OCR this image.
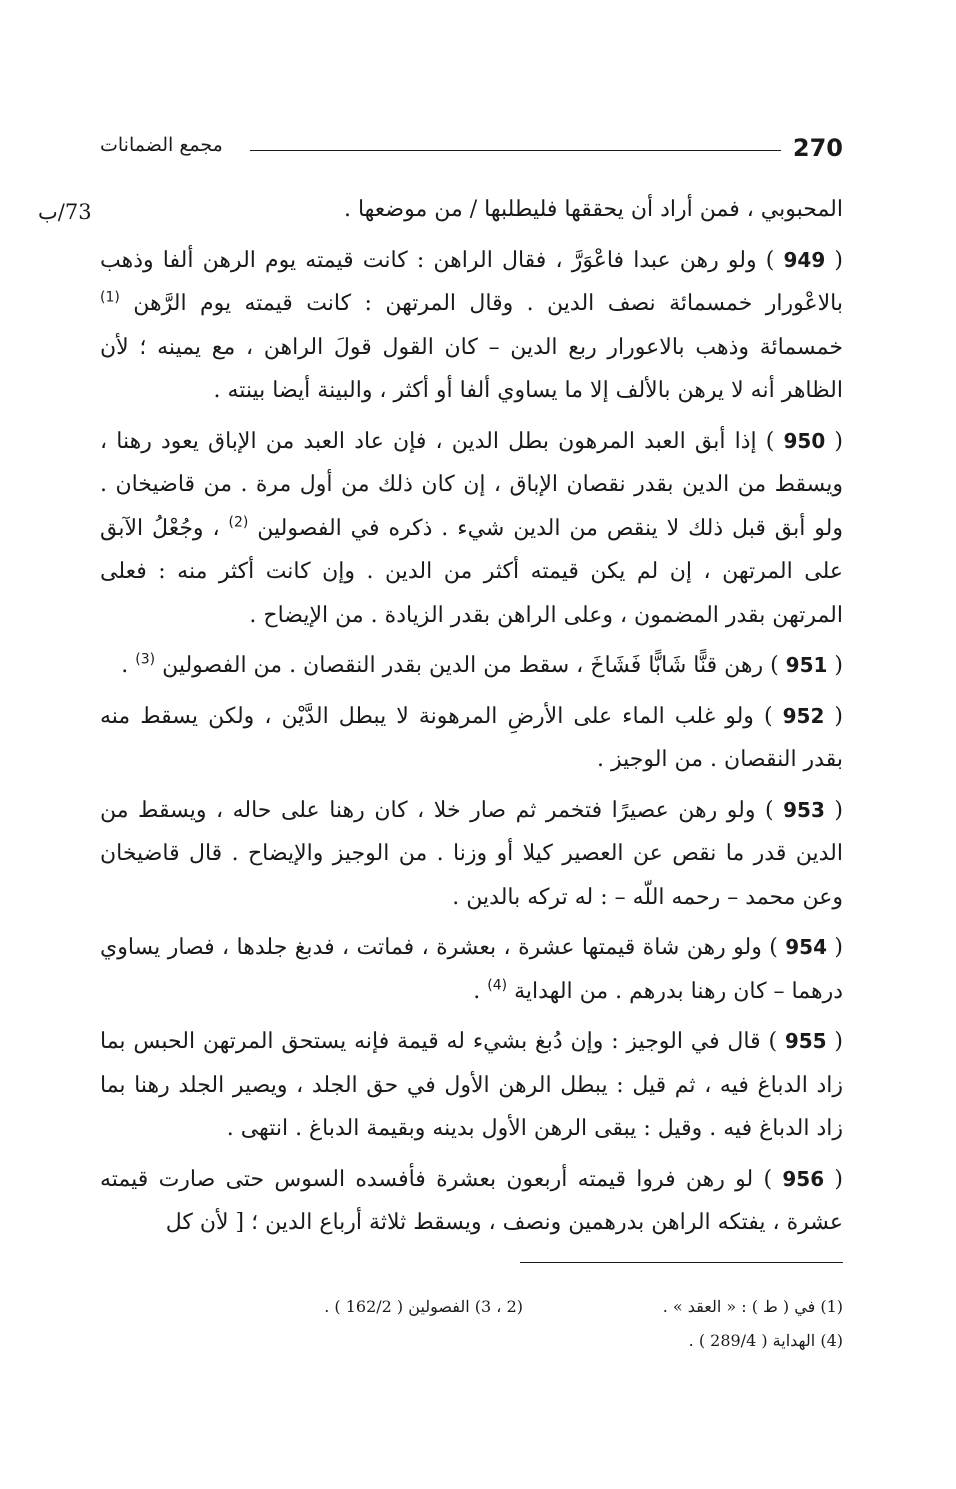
270
مجمع الضمانات
73/ب	المحبوبي ، فمن أراد أن يحققها فليطلبها / من موضعها .

( 949 ) ولو رهن عبدا فاعْوَرَّ ، فقال الراهن : كانت قيمته يوم الرهن ألفا وذهب بالاعْورار خمسمائة نصف الدين . وقال المرتهن : كانت قيمته يوم الرَّهن $^{(1)}$ خمسمائة وذهب بالاعورار ربع الدين – كان القول قولَ الراهن ، مع يمينه ؛ لأن الظاهر أنه لا يرهن بالألف إلا ما يساوي ألفا أو أكثر ، والبينة أيضا بينته .

( 950 ) إذا أبق العبد المرهون بطل الدين ، فإن عاد العبد من الإباق يعود رهنا ، ويسقط من الدين بقدر نقصان الإباق ، إن كان ذلك من أول مرة . من قاضيخان . ولو أبق قبل ذلك لا ينقص من الدين شيء . ذكره في الفصولين $^{(2)}$ ، وجُعْلُ الآبق على المرتهن ، إن لم يكن قيمته أكثر من الدين . وإن كانت أكثر منه : فعلى المرتهن بقدر المضمون ، وعلى الراهن بقدر الزيادة . من الإيضاح .

( 951 ) رهن قنًّا شَابًّا فَشَاخَ ، سقط من الدين بقدر النقصان . من الفصولين $^{(3)}$ .

( 952 ) ولو غلب الماء على الأرضِ المرهونة لا يبطل الدَّيْن ، ولكن يسقط منه بقدر النقصان . من الوجيز .

( 953 ) ولو رهن عصيرًا فتخمر ثم صار خلا ، كان رهنا على حاله ، ويسقط من الدين قدر ما نقص عن العصير كيلا أو وزنا . من الوجيز والإيضاح . قال قاضيخان وعن محمد – رحمه اللّه – : له تركه بالدين .

( 954 ) ولو رهن شاة قيمتها عشرة ، بعشرة ، فماتت ، فدبغ جلدها ، فصار يساوي درهما – كان رهنا بدرهم . من الهداية $^{(4)}$ .

( 955 ) قال في الوجيز : وإن دُبغ بشيء له قيمة فإنه يستحق المرتهن الحبس بما زاد الدباغ فيه ، ثم قيل : يبطل الرهن الأول في حق الجلد ، ويصير الجلد رهنا بما زاد الدباغ فيه . وقيل : يبقى الرهن الأول بدينه وبقيمة الدباغ . انتهى .

( 956 ) لو رهن فروا قيمته أربعون بعشرة فأفسده السوس حتى صارت قيمته عشرة ، يفتكه الراهن بدرهمين ونصف ، ويسقط ثلاثة أرباع الدين ؛ [ لأن كل

(1) في ( ط ) : « العقد » .
(2 ، 3) الفصولين ( 162/2 ) .
(4) الهداية ( 289/4 ) .
